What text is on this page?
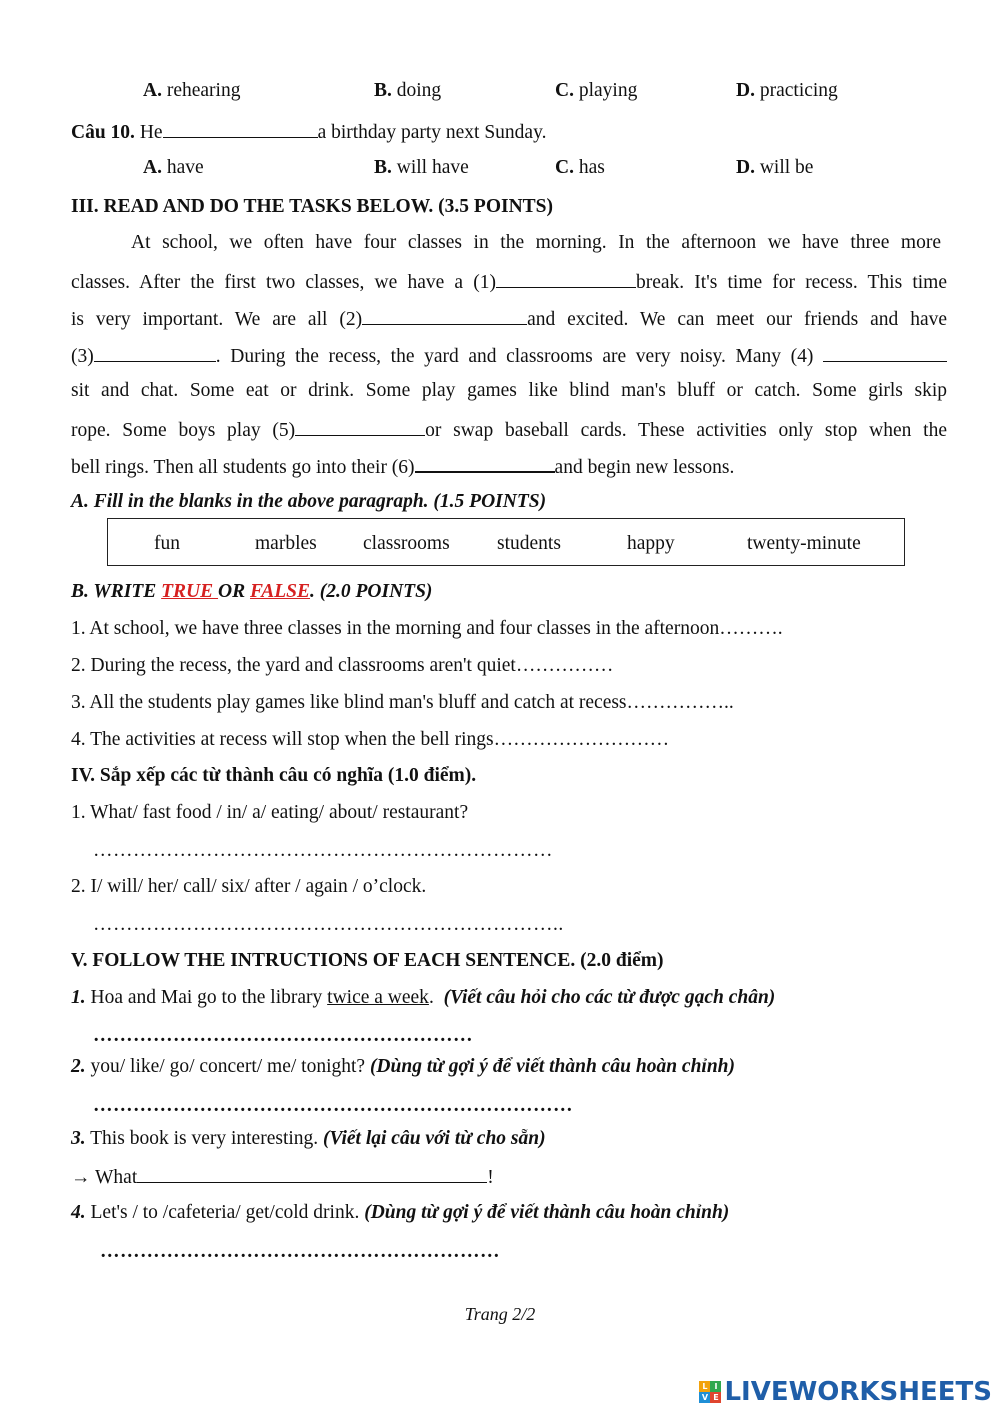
A. rehearing	B. doing	C. playing	D. practicing
Câu 10. He	a birthday party next Sunday.
A. have	B. will have	C. has	D. will be
III. READ AND DO THE TASKS BELOW. (3.5 POINTS)
At school, we often have four classes in the morning. In the afternoon we have three more
classes. After the first two classes, we have a (1)	break. It's time for recess. This time
is very important. We are all (2)	and excited. We can meet our friends and have
(3)	. During the recess, the yard and classrooms are very noisy. Many (4)
sit and chat. Some eat or drink. Some play games like blind man's bluff or catch. Some girls skip
rope. Some boys play (5)	or swap baseball cards. These activities only stop when the
bell rings. Then all students go into their (6)	and begin new lessons.
A. Fill in the blanks in the above paragraph. (1.5 POINTS)
fun	marbles classrooms students	happy	twenty-minute
B. WRITE TRUE OR FALSE. (2.0 POINTS)
1. At school, we have three classes in the morning and four classes in the afternoon……….
2. During the recess, the yard and classrooms aren't quiet……………
3. All the students play games like blind man's bluff and catch at recess……………..
4. The activities at recess will stop when the bell rings………………………
IV. Sắp xếp các từ thành câu có nghĩa (1.0 điểm).
1. What/ fast food / in/ a/ eating/ about/ restaurant?
……………………………………………………………
2. I/ will/ her/ call/ six/ after / again / o’clock.
……………………………………………………………..
V. FOLLOW THE INTRUCTIONS OF EACH SENTENCE. (2.0 điểm)
1. Hoa and Mai go to the library twice a week. (Viết câu hỏi cho các từ được gạch chân)
…………………………………………………
2. you/ like/ go/ concert/ me/ tonight? (Dùng từ gợi ý để viết thành câu hoàn chỉnh)
………………………………………………………………
3. This book is very interesting. (Viết lại câu với từ cho sẵn)
→ What	!
4. Let's / to /cafeteria/ get/cold drink. (Dùng từ gợi ý để viết thành câu hoàn chỉnh)
……………………………………………………
Trang 2/2
L I
V E LIVEWORKSHEETS
